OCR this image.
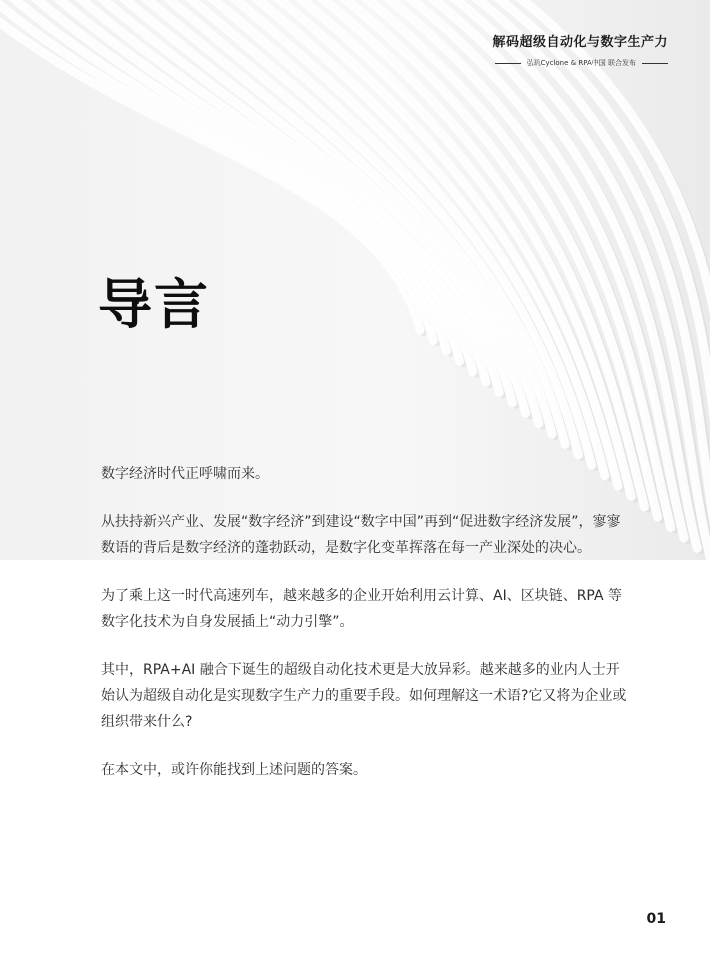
解码超级自动化与数字生产力
弘玑Cyclone & RPA中国 联合发布
导言

数字经济时代正呼啸而来。

从扶持新兴产业、发展“数字经济”到建设“数字中国”再到“促进数字经济发展”，寥寥数语的背后是数字经济的蓬勃跃动，是数字化变革挥落在每一产业深处的决心。

为了乘上这一时代高速列车，越来越多的企业开始利用云计算、AI、区块链、RPA 等数字化技术为自身发展插上“动力引擎”。

其中，RPA+AI 融合下诞生的超级自动化技术更是大放异彩。越来越多的业内人士开始认为超级自动化是实现数字生产力的重要手段。如何理解这一术语?它又将为企业或组织带来什么?

在本文中，或许你能找到上述问题的答案。

01
